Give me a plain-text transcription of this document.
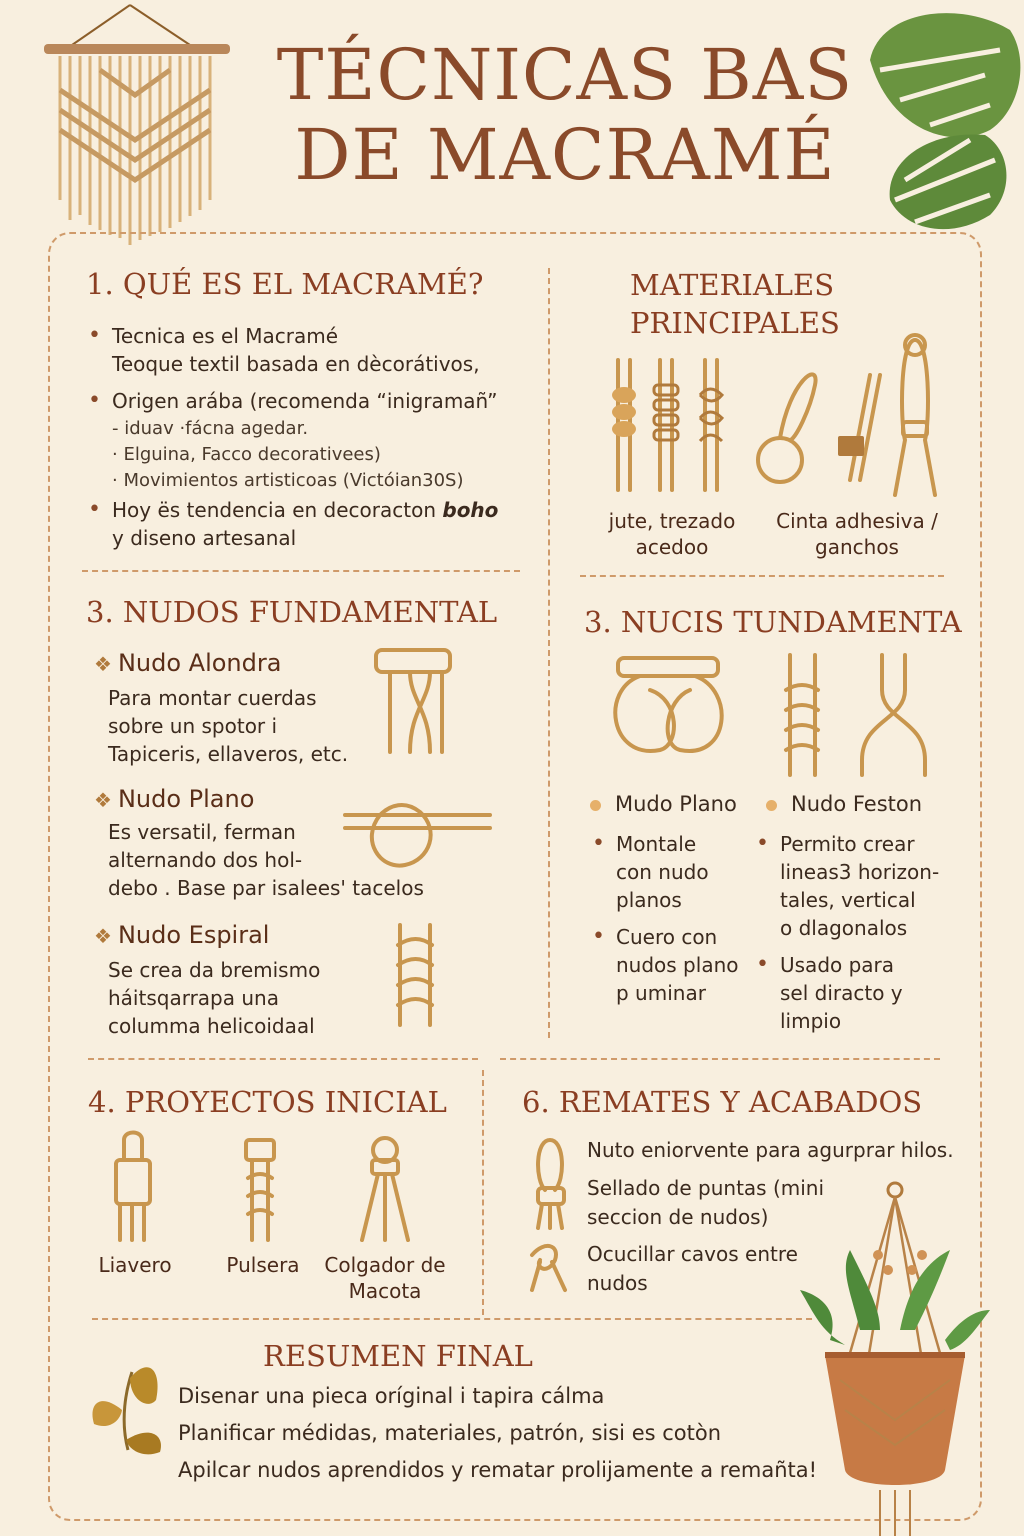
TÉCNICAS BAS
DE MACRAMÉ
1. QUÉ ES EL MACRAMÉ?
• Tecnica es el Macramé
Teoque textil basada en dècorátivos,
• Origen arába (recomenda “inigramañ”
- iduav ·fácna agedar.
· Elguina, Facco decorativees)
· Movimientos artisticoas (Victóian30S)
• Hoy ës tendencia en decoracton boho
y diseno artesanal
MATERIALES
PRINCIPALES
jute, trezado
acedoo
Cinta adhesiva /
ganchos
3. NUDOS FUNDAMENTAL
❖ Nudo Alondra
Para montar cuerdas
sobre un spotor i
Tapiceris, ellaveros, etc.
❖ Nudo Plano
Es versatil, ferman
alternando dos hol-
debo . Base par isalees' tacelos
❖ Nudo Espiral
Se crea da bremismo
háitsqarrapa una
columma helicoidaal
3. NUCIS TUNDAMENTA
Mudo Plano	Nudo Feston
• Montale
con nudo
planos
• Cuero con
nudos plano
p uminar
• Permito crear
lineas3 horizon-
tales, vertical
o dlagonalos
• Usado para
sel diracto y
limpio
4. PROYECTOS INICIAL
Liavero	Pulsera	Colgador de Macota
6. REMATES Y ACABADOS
Nuto eniorvente para agurprar hilos.
Sellado de puntas (mini
seccion de nudos)
Ocucillar cavos entre
nudos
RESUMEN FINAL
Disenar una pieca oríginal i tapira cálma
Planificar médidas, materiales, patrón, sisi es cotòn
Apilcar nudos aprendidos y rematar prolijamente a remañta!
